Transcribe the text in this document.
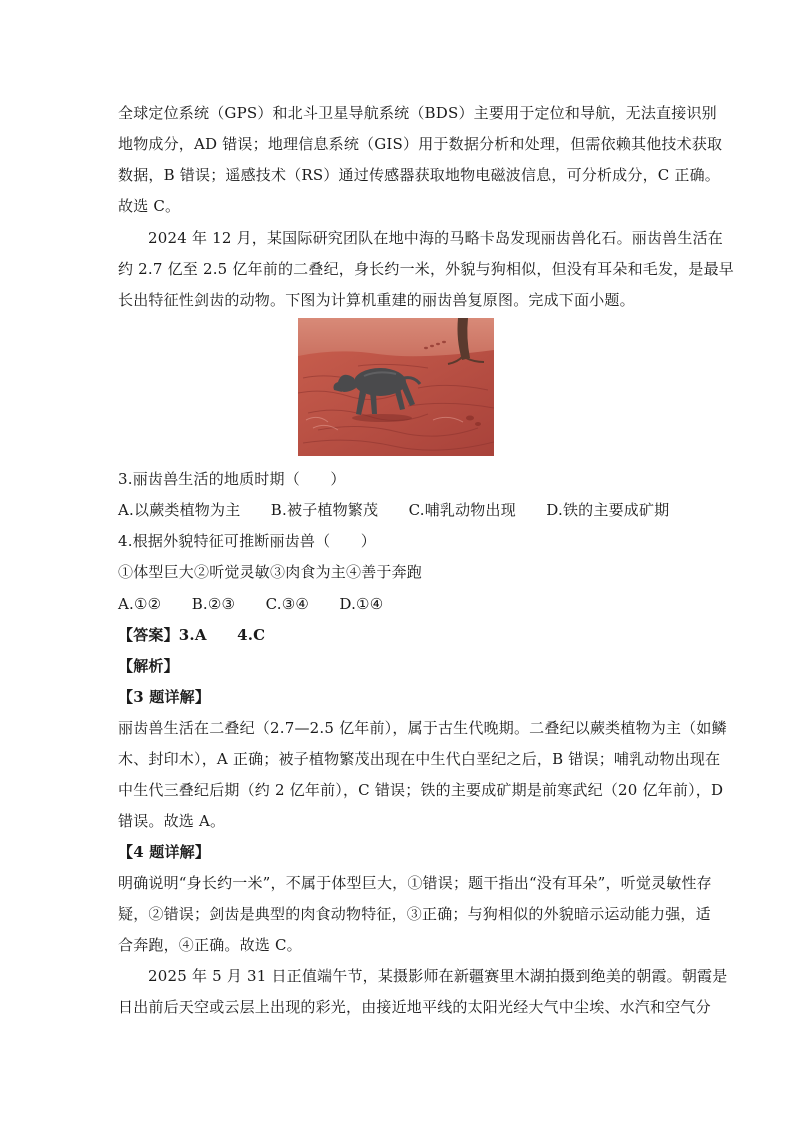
全球定位系统（GPS）和北斗卫星导航系统（BDS）主要用于定位和导航，无法直接识别
地物成分，AD 错误；地理信息系统（GIS）用于数据分析和处理，但需依赖其他技术获取
数据，B 错误；遥感技术（RS）通过传感器获取地物电磁波信息，可分析成分，C 正确。
故选 C。
2024 年 12 月，某国际研究团队在地中海的马略卡岛发现丽齿兽化石。丽齿兽生活在
约 2.7 亿至 2.5 亿年前的二叠纪，身长约一米，外貌与狗相似，但没有耳朵和毛发，是最早
长出特征性剑齿的动物。下图为计算机重建的丽齿兽复原图。完成下面小题。
3.丽齿兽生活的地质时期（　　）
A.以蕨类植物为主　　B.被子植物繁茂　　C.哺乳动物出现　　D.铁的主要成矿期
4.根据外貌特征可推断丽齿兽（　　）
①体型巨大②听觉灵敏③肉食为主④善于奔跑
A.①②　　B.②③　　C.③④　　D.①④
【答案】3.A　　4.C
【解析】
【3 题详解】
丽齿兽生活在二叠纪（2.7—2.5 亿年前），属于古生代晚期。二叠纪以蕨类植物为主（如鳞
木、封印木），A 正确；被子植物繁茂出现在中生代白垩纪之后，B 错误；哺乳动物出现在
中生代三叠纪后期（约 2 亿年前），C 错误；铁的主要成矿期是前寒武纪（20 亿年前），D
错误。故选 A。
【4 题详解】
明确说明“身长约一米”，不属于体型巨大，①错误；题干指出“没有耳朵”，听觉灵敏性存
疑，②错误；剑齿是典型的肉食动物特征，③正确；与狗相似的外貌暗示运动能力强，适
合奔跑，④正确。故选 C。
2025 年 5 月 31 日正值端午节，某摄影师在新疆赛里木湖拍摄到绝美的朝霞。朝霞是
日出前后天空或云层上出现的彩光，由接近地平线的太阳光经大气中尘埃、水汽和空气分
